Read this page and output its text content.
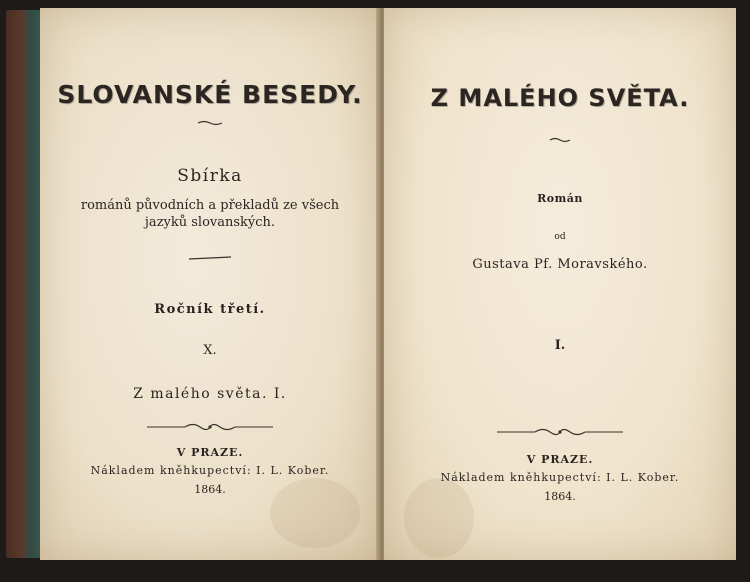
SLOVANSKÉ BESEDY.
Sbírka
románů původních a překladů ze všech
jazyků slovanských.
Ročník třetí.
X.
Z malého světa. I.
V PRAZE.
Nákladem kněhkupectví: I. L. Kober.
1864.
Z MALÉHO SVĚTA.
Román
od
Gustava Pf. Moravského.
I.
V PRAZE.
Nákladem kněhkupectví: I. L. Kober.
1864.
